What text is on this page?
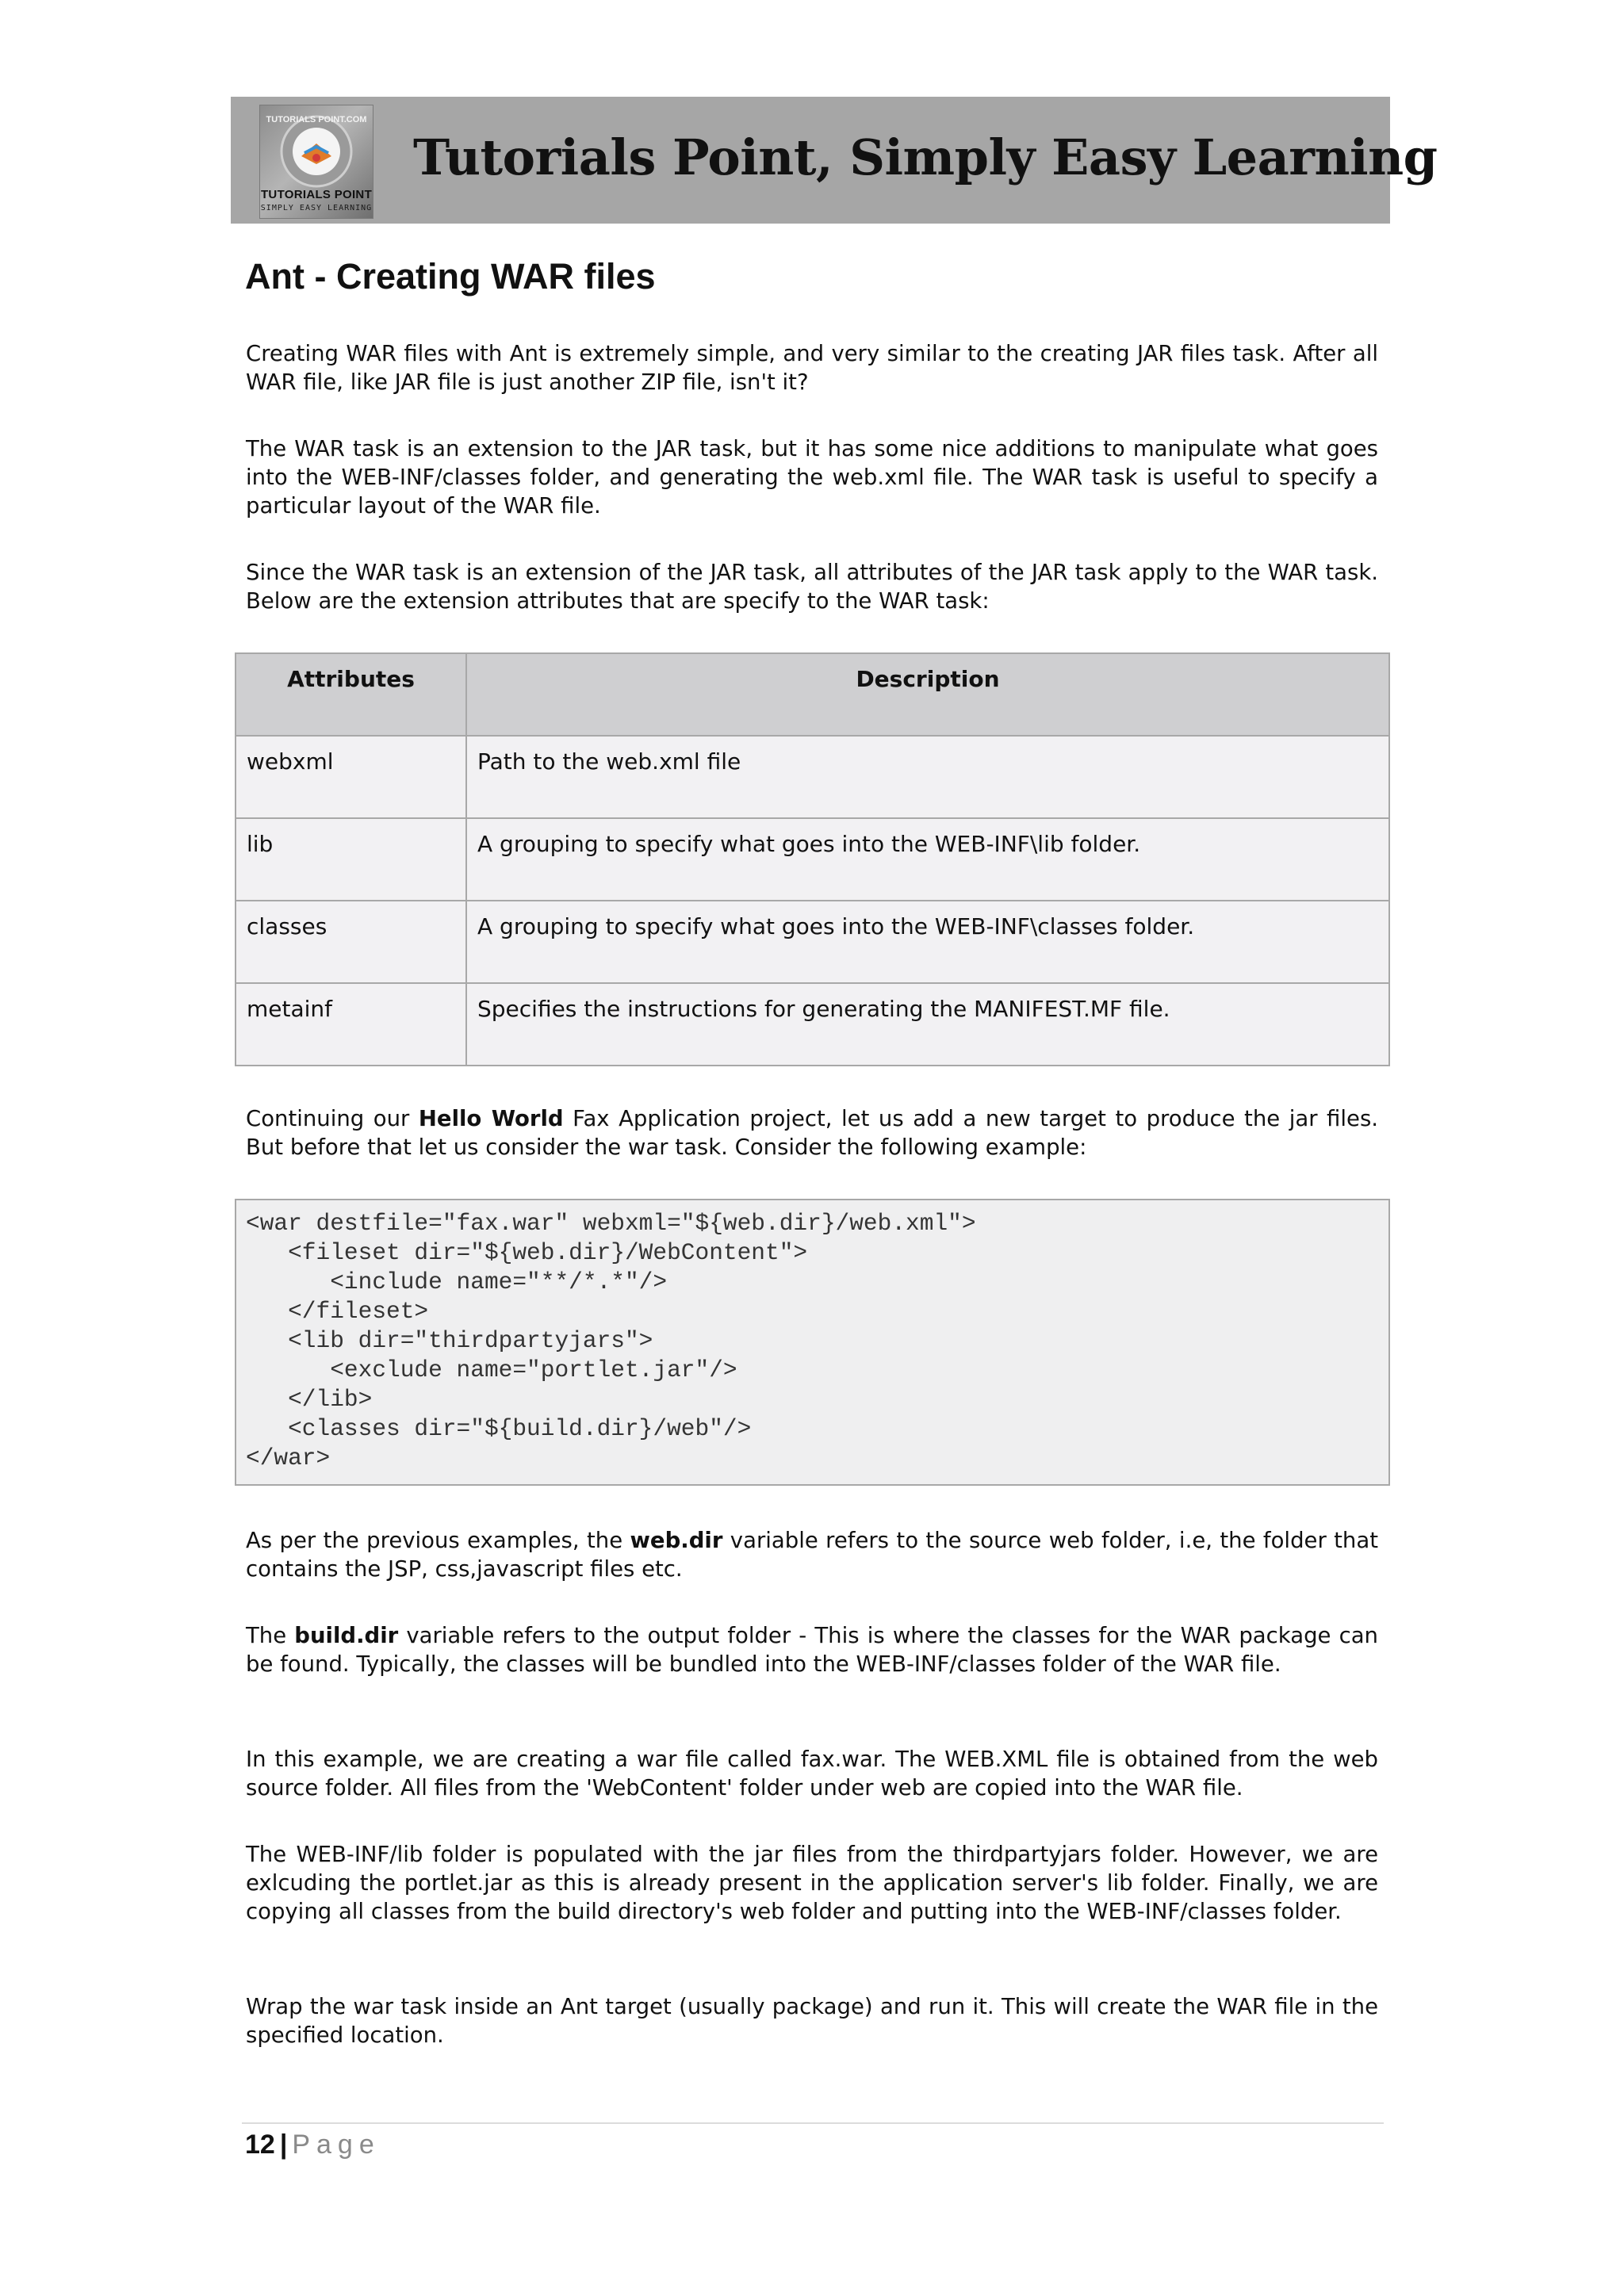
TUTORIALS POINT.COM
TUTORIALS POINT
SIMPLY EASY LEARNING
Tutorials Point, Simply Easy Learning
Ant - Creating WAR files
Creating WAR files with Ant is extremely simple, and very similar to the creating JAR files task. After all WAR file, like JAR file is just another ZIP file, isn't it?
The WAR task is an extension to the JAR task, but it has some nice additions to manipulate what goes into the WEB-INF/classes folder, and generating the web.xml file. The WAR task is useful to specify a particular layout of the WAR file.
Since the WAR task is an extension of the JAR task, all attributes of the JAR task apply to the WAR task. Below are the extension attributes that are specify to the WAR task:
Attributes	Description
webxml	Path to the web.xml file
lib	A grouping to specify what goes into the WEB-INF\lib folder.
classes	A grouping to specify what goes into the WEB-INF\classes folder.
metainf	Specifies the instructions for generating the MANIFEST.MF file.
Continuing our Hello World Fax Application project, let us add a new target to produce the jar files. But before that let us consider the war task. Consider the following example:
<war destfile="fax.war" webxml="${web.dir}/web.xml">
<fileset dir="${web.dir}/WebContent">
<include name="**/*.*"/>
</fileset>
<lib dir="thirdpartyjars">
<exclude name="portlet.jar"/>
</lib>
<classes dir="${build.dir}/web"/>
</war>
As per the previous examples, the web.dir variable refers to the source web folder, i.e, the folder that contains the JSP, css,javascript files etc.
The build.dir variable refers to the output folder - This is where the classes for the WAR package can be found. Typically, the classes will be bundled into the WEB-INF/classes folder of the WAR file.
In this example, we are creating a war file called fax.war. The WEB.XML file is obtained from the web source folder. All files from the 'WebContent' folder under web are copied into the WAR file.
The WEB-INF/lib folder is populated with the jar files from the thirdpartyjars folder. However, we are exlcuding the portlet.jar as this is already present in the application server's lib folder. Finally, we are copying all classes from the build directory's web folder and putting into the WEB-INF/classes folder.
Wrap the war task inside an Ant target (usually package) and run it. This will create the WAR file in the specified location.
12 | Page
